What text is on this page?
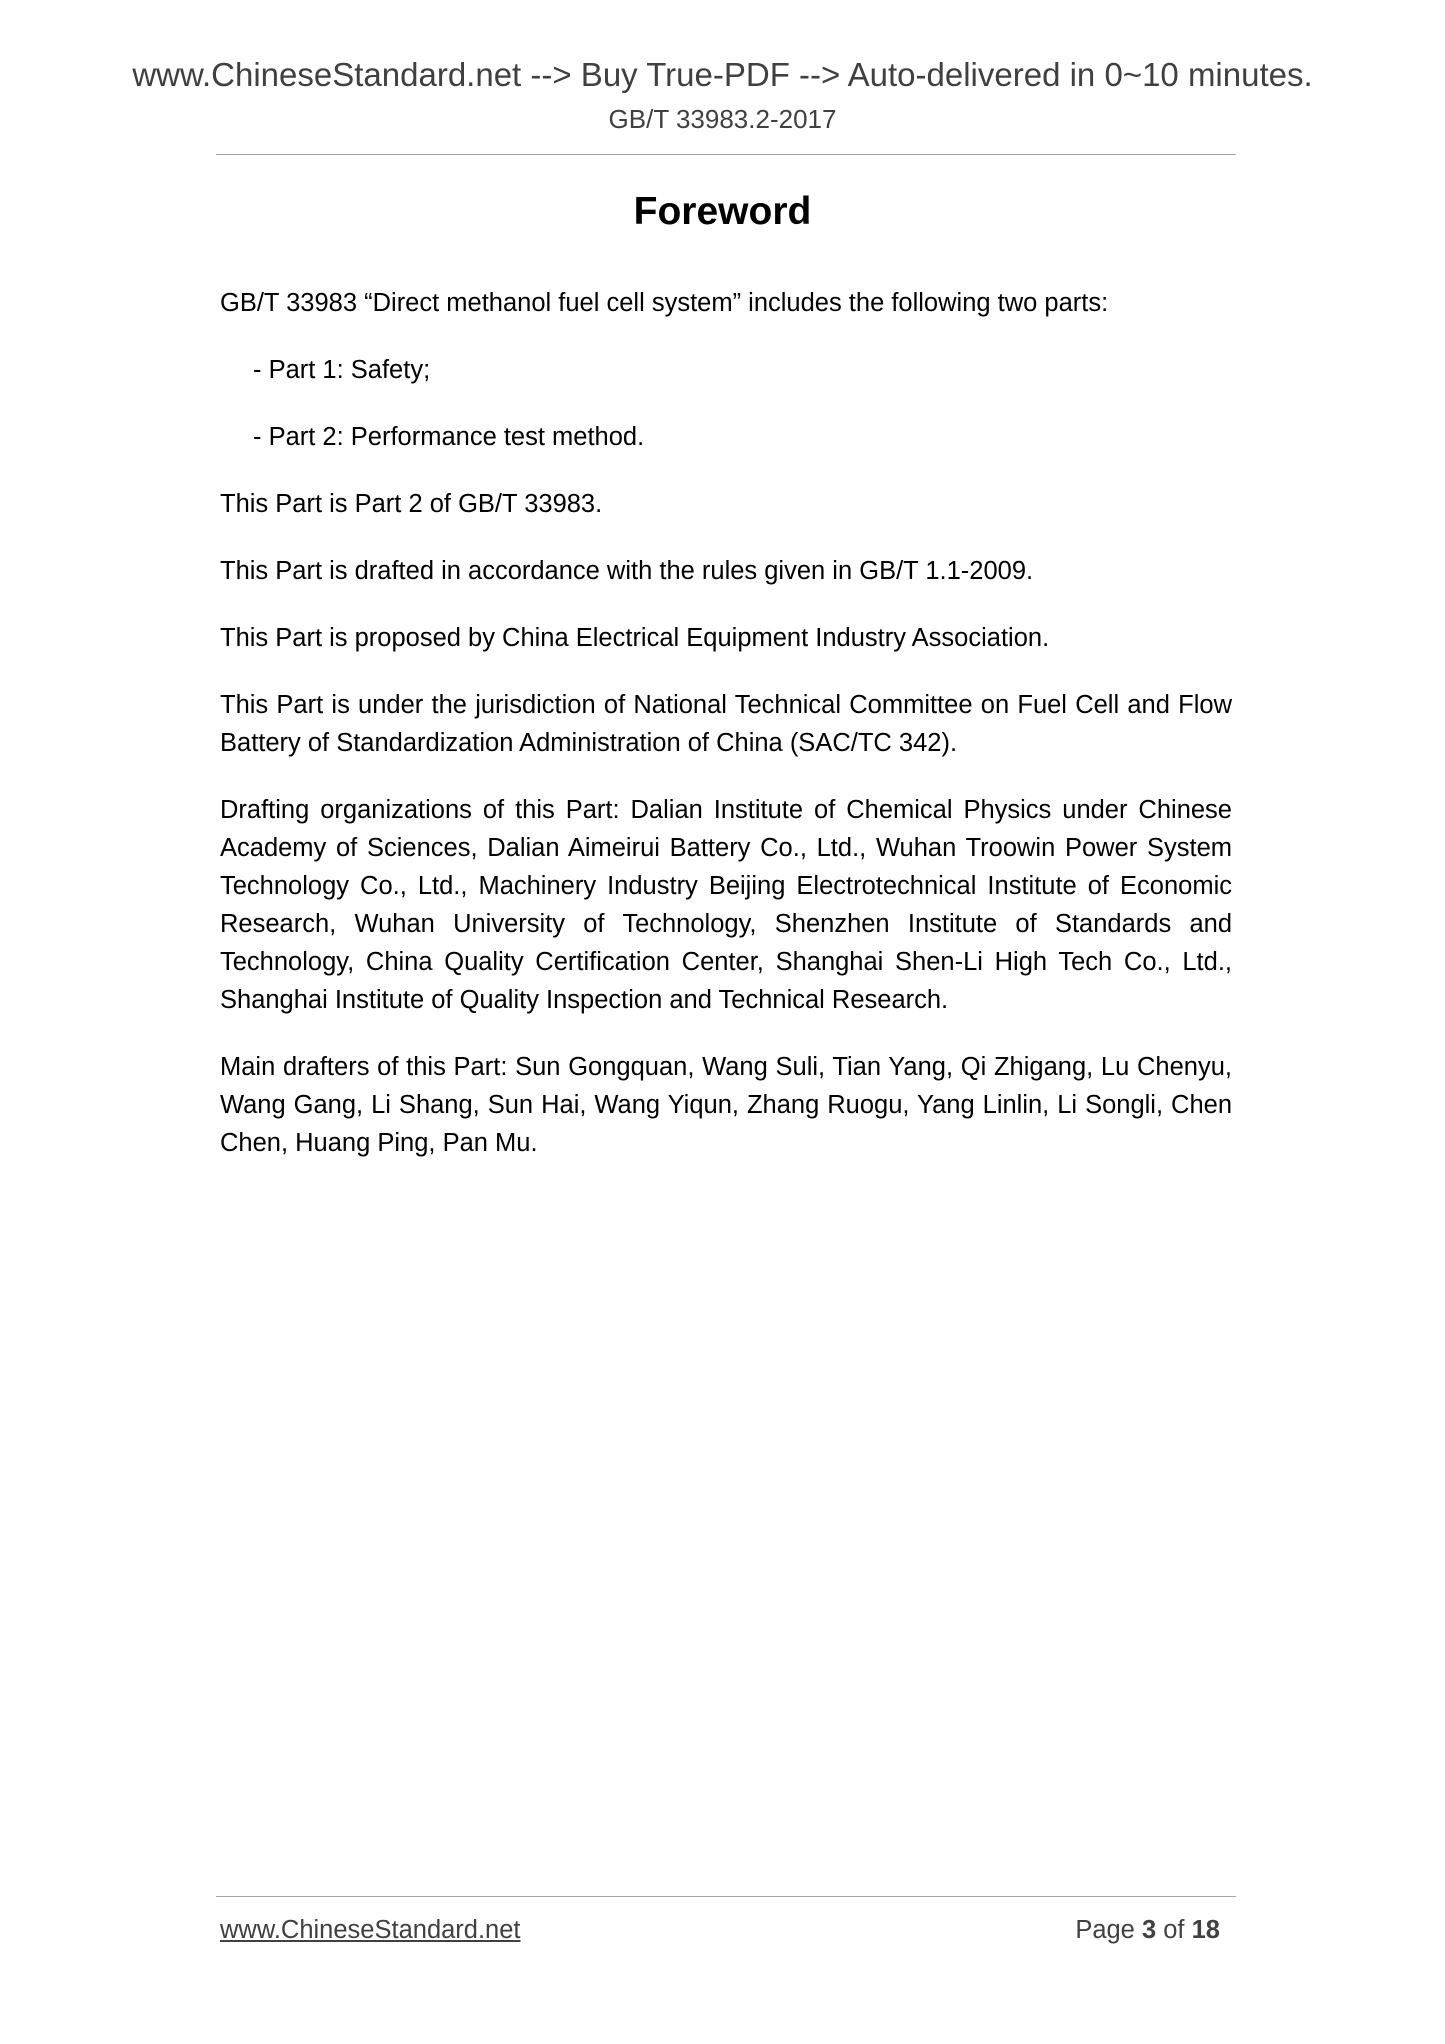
www.ChineseStandard.net --> Buy True-PDF --> Auto-delivered in 0~10 minutes.
GB/T 33983.2-2017
Foreword

GB/T 33983 “Direct methanol fuel cell system” includes the following two parts:

- Part 1: Safety;

- Part 2: Performance test method.

This Part is Part 2 of GB/T 33983.

This Part is drafted in accordance with the rules given in GB/T 1.1-2009.

This Part is proposed by China Electrical Equipment Industry Association.

This Part is under the jurisdiction of National Technical Committee on Fuel Cell and Flow Battery of Standardization Administration of China (SAC/TC 342).

Drafting organizations of this Part: Dalian Institute of Chemical Physics under Chinese Academy of Sciences, Dalian Aimeirui Battery Co., Ltd., Wuhan Troowin Power System Technology Co., Ltd., Machinery Industry Beijing Electrotechnical Institute of Economic Research, Wuhan University of Technology, Shenzhen Institute of Standards and Technology, China Quality Certification Center, Shanghai Shen-Li High Tech Co., Ltd., Shanghai Institute of Quality Inspection and Technical Research.

Main drafters of this Part: Sun Gongquan, Wang Suli, Tian Yang, Qi Zhigang, Lu Chenyu, Wang Gang, Li Shang, Sun Hai, Wang Yiqun, Zhang Ruogu, Yang Linlin, Li Songli, Chen Chen, Huang Ping, Pan Mu.

www.ChineseStandard.net	Page 3 of 18
